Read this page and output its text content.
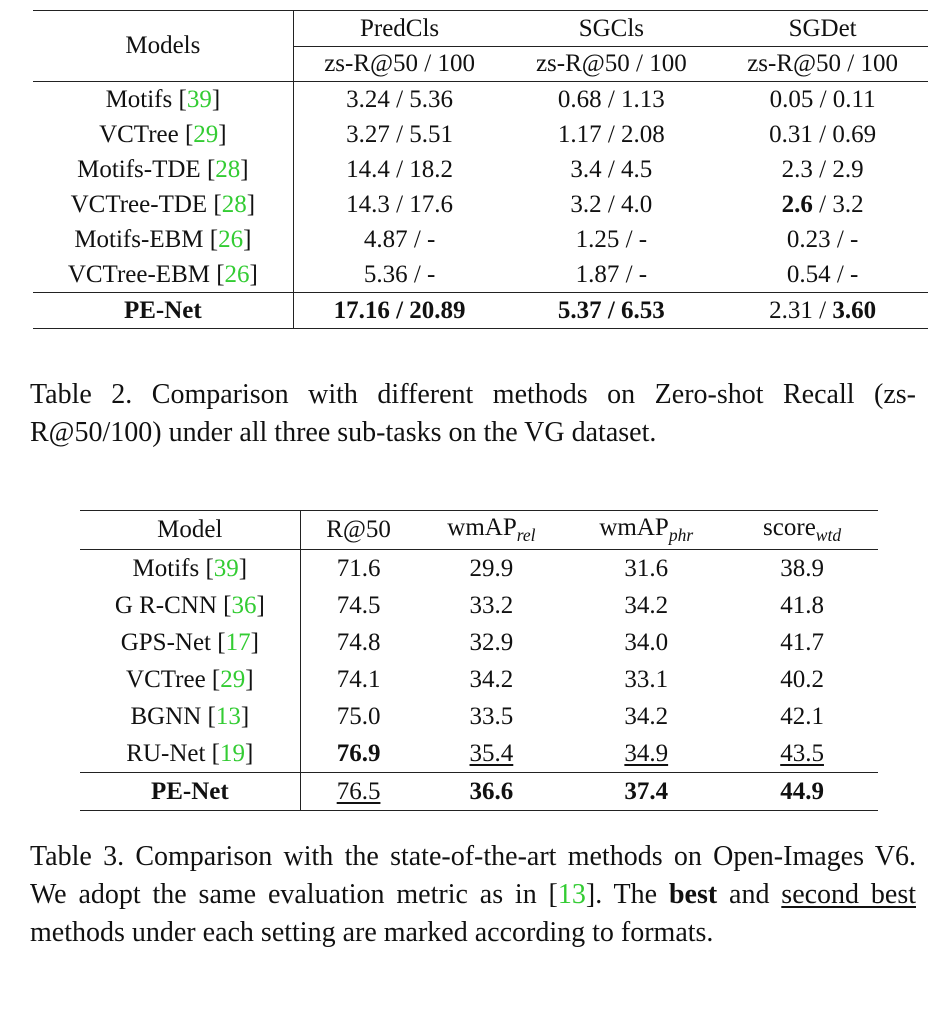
Models	PredCls	SGCls	SGDet
	zs-R@50 / 100	zs-R@50 / 100	zs-R@50 / 100
Motifs [39]	3.24 / 5.36	0.68 / 1.13	0.05 / 0.11
VCTree [29]	3.27 / 5.51	1.17 / 2.08	0.31 / 0.69
Motifs-TDE [28]	14.4 / 18.2	3.4 / 4.5	2.3 / 2.9
VCTree-TDE [28]	14.3 / 17.6	3.2 / 4.0	2.6 / 3.2
Motifs-EBM [26]	4.87 / -	1.25 / -	0.23 / -
VCTree-EBM [26]	5.36 / -	1.87 / -	0.54 / -
PE-Net	17.16 / 20.89	5.37 / 6.53	2.31 / 3.60
Table 2. Comparison with different methods on Zero-shot Recall (zs-R@50/100) under all three sub-tasks on the VG dataset.
Model	R@50	wmAP$_{rel}$	wmAP$_{phr}$	score$_{wtd}$
Motifs [39]	71.6	29.9	31.6	38.9
G R-CNN [36]	74.5	33.2	34.2	41.8
GPS-Net [17]	74.8	32.9	34.0	41.7
VCTree [29]	74.1	34.2	33.1	40.2
BGNN [13]	75.0	33.5	34.2	42.1
RU-Net [19]	76.9	35.4	34.9	43.5
PE-Net	76.5	36.6	37.4	44.9
Table 3. Comparison with the state-of-the-art methods on Open-Images V6. We adopt the same evaluation metric as in [13]. The best and second best methods under each setting are marked according to formats.
